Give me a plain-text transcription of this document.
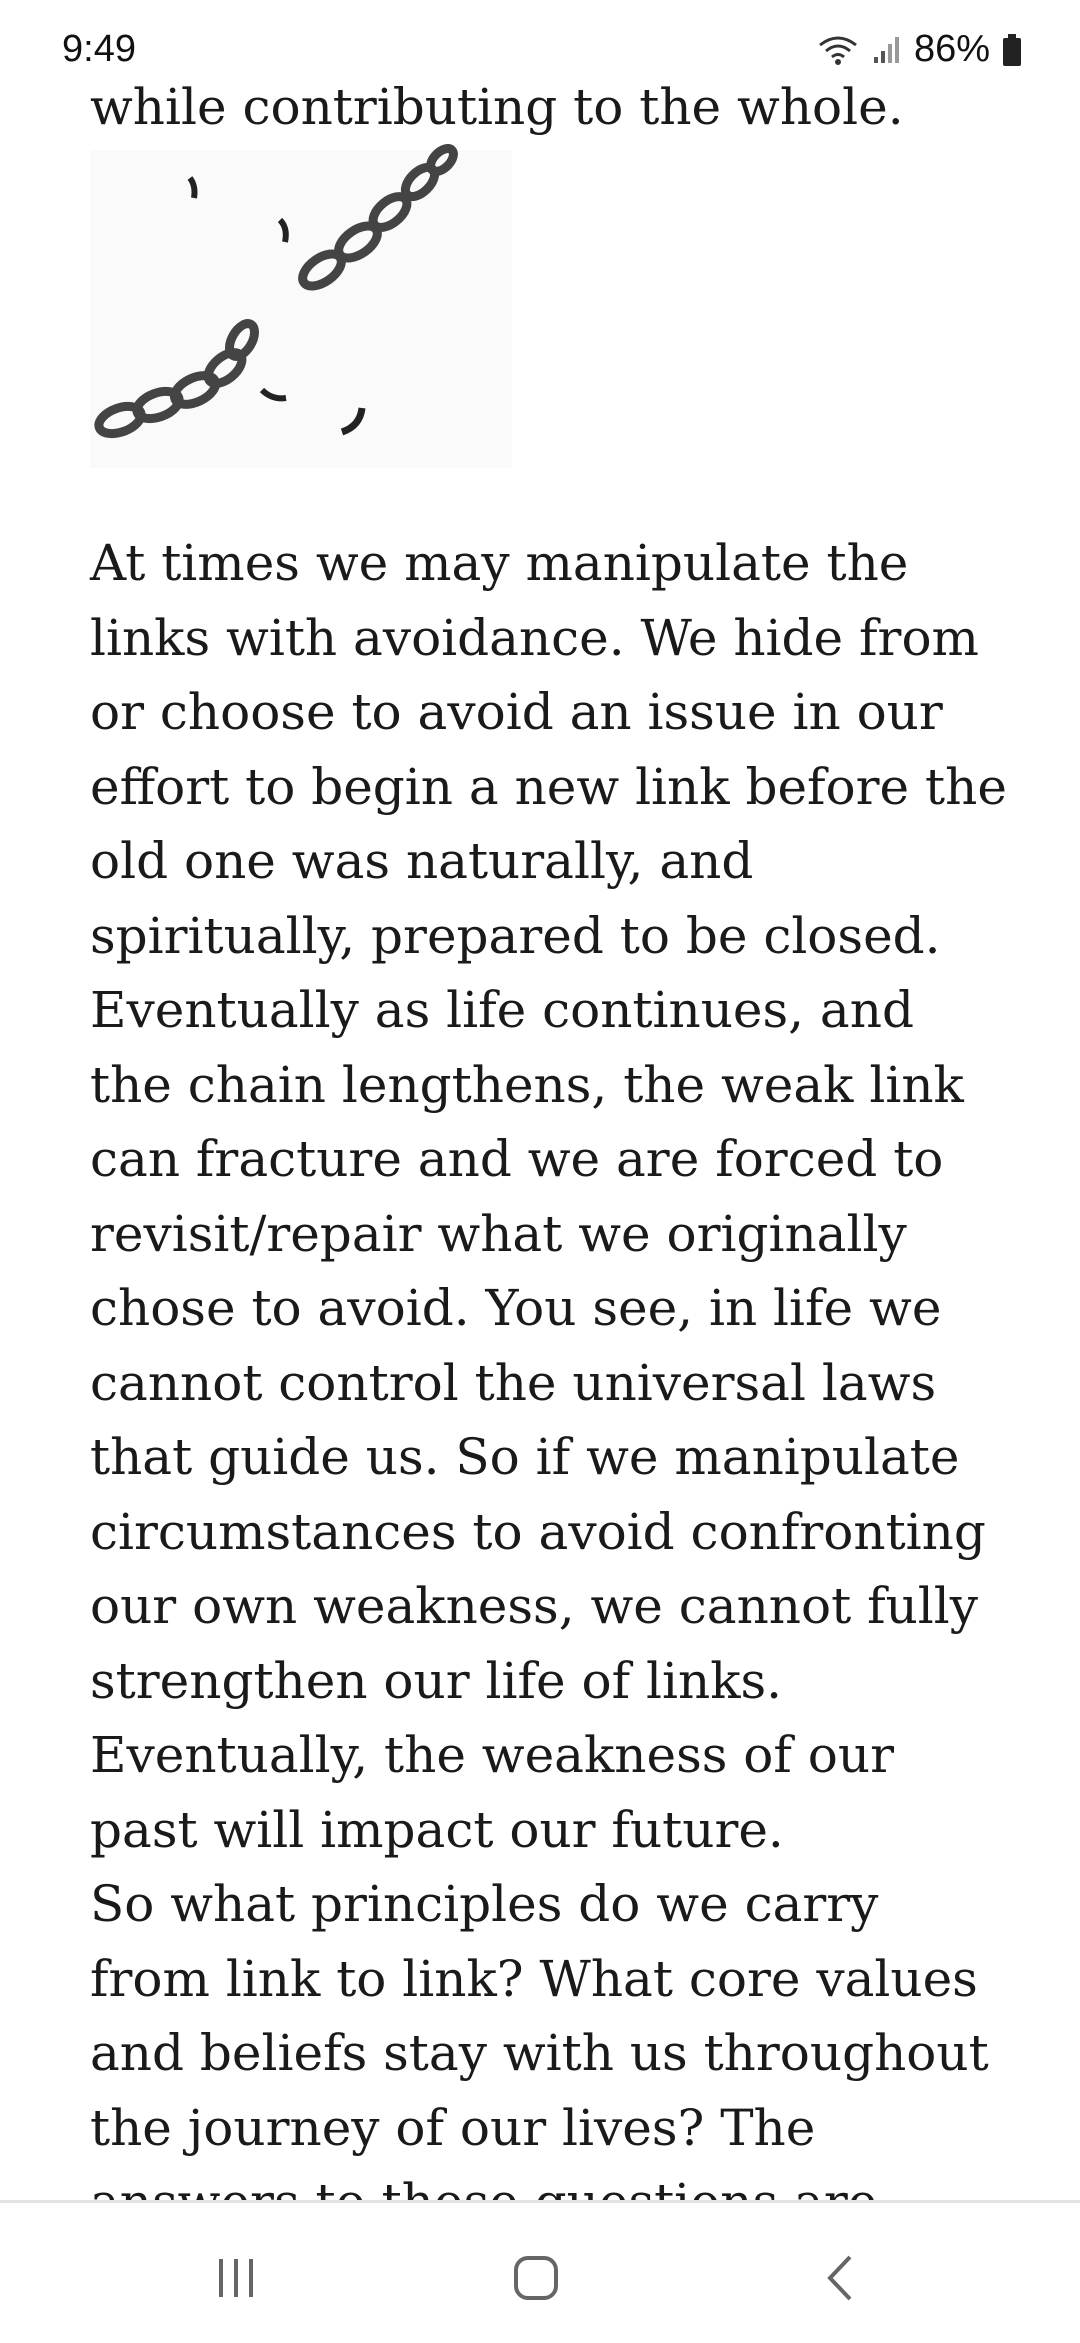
9:49	86%
while contributing to the whole.

At times we may manipulate the links with avoidance. We hide from or choose to avoid an issue in our effort to begin a new link before the old one was naturally, and spiritually, prepared to be closed. Eventually as life continues, and the chain lengthens, the weak link can fracture and we are forced to revisit/repair what we originally chose to avoid. You see, in life we cannot control the universal laws that guide us. So if we manipulate circumstances to avoid confronting our own weakness, we cannot fully strengthen our life of links. Eventually, the weakness of our past will impact our future.

So what principles do we carry from link to link? What core values and beliefs stay with us throughout the journey of our lives? The
